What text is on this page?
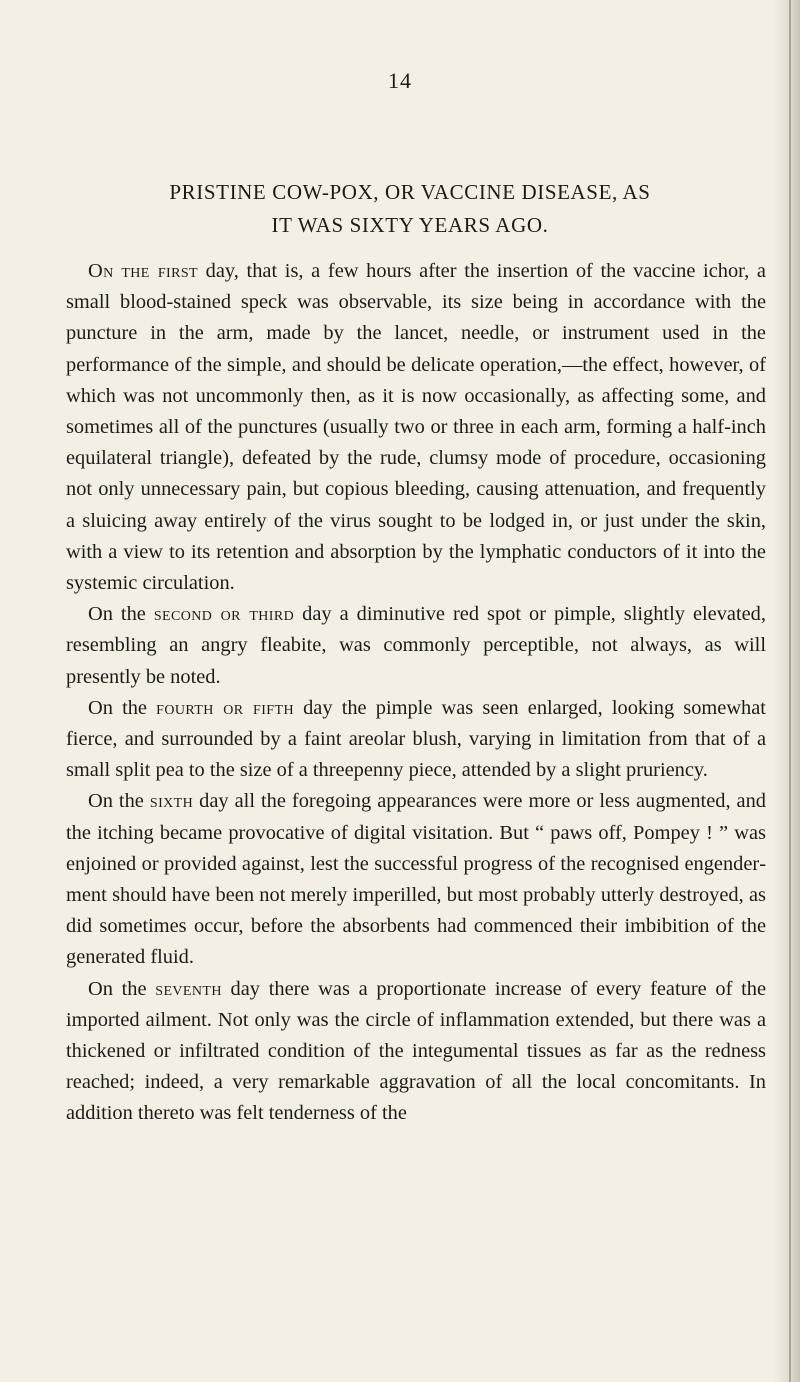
14
PRISTINE COW-POX, OR VACCINE DISEASE, AS
IT WAS SIXTY YEARS AGO.

On the first day, that is, a few hours after the insertion of the vaccine ichor, a small blood-stained speck was observable, its size being in accordance with the puncture in the arm, made by the lancet, needle, or instrument used in the performance of the simple, and should be delicate operation,—the effect, however, of which was not uncommonly then, as it is now occasionally, as affecting some, and sometimes all of the punctures (usually two or three in each arm, forming a half-inch equilateral triangle), defeated by the rude, clumsy mode of procedure, occasioning not only unnecessary pain, but copious bleeding, causing attenuation, and frequently a sluicing away entirely of the virus sought to be lodged in, or just under the skin, with a view to its retention and absorption by the lymphatic conductors of it into the systemic circulation.

On the second or third day a diminutive red spot or pimple, slightly elevated, resembling an angry fleabite, was commonly perceptible, not always, as will presently be noted.

On the fourth or fifth day the pimple was seen enlarged, looking somewhat fierce, and surrounded by a faint areolar blush, varying in limitation from that of a small split pea to the size of a threepenny piece, attended by a slight pruriency.

On the sixth day all the foregoing appearances were more or less augmented, and the itching became provocative of digital visitation. But “ paws off, Pompey ! ” was enjoined or provided against, lest the successful progress of the recognised engenderment should have been not merely imperilled, but most probably utterly destroyed, as did sometimes occur, before the absorbents had commenced their imbibition of the generated fluid.

On the seventh day there was a proportionate increase of every feature of the imported ailment. Not only was the circle of inflammation extended, but there was a thickened or infiltrated condition of the integumental tissues as far as the redness reached; indeed, a very remarkable aggravation of all the local concomitants. In addition thereto was felt tenderness of the
